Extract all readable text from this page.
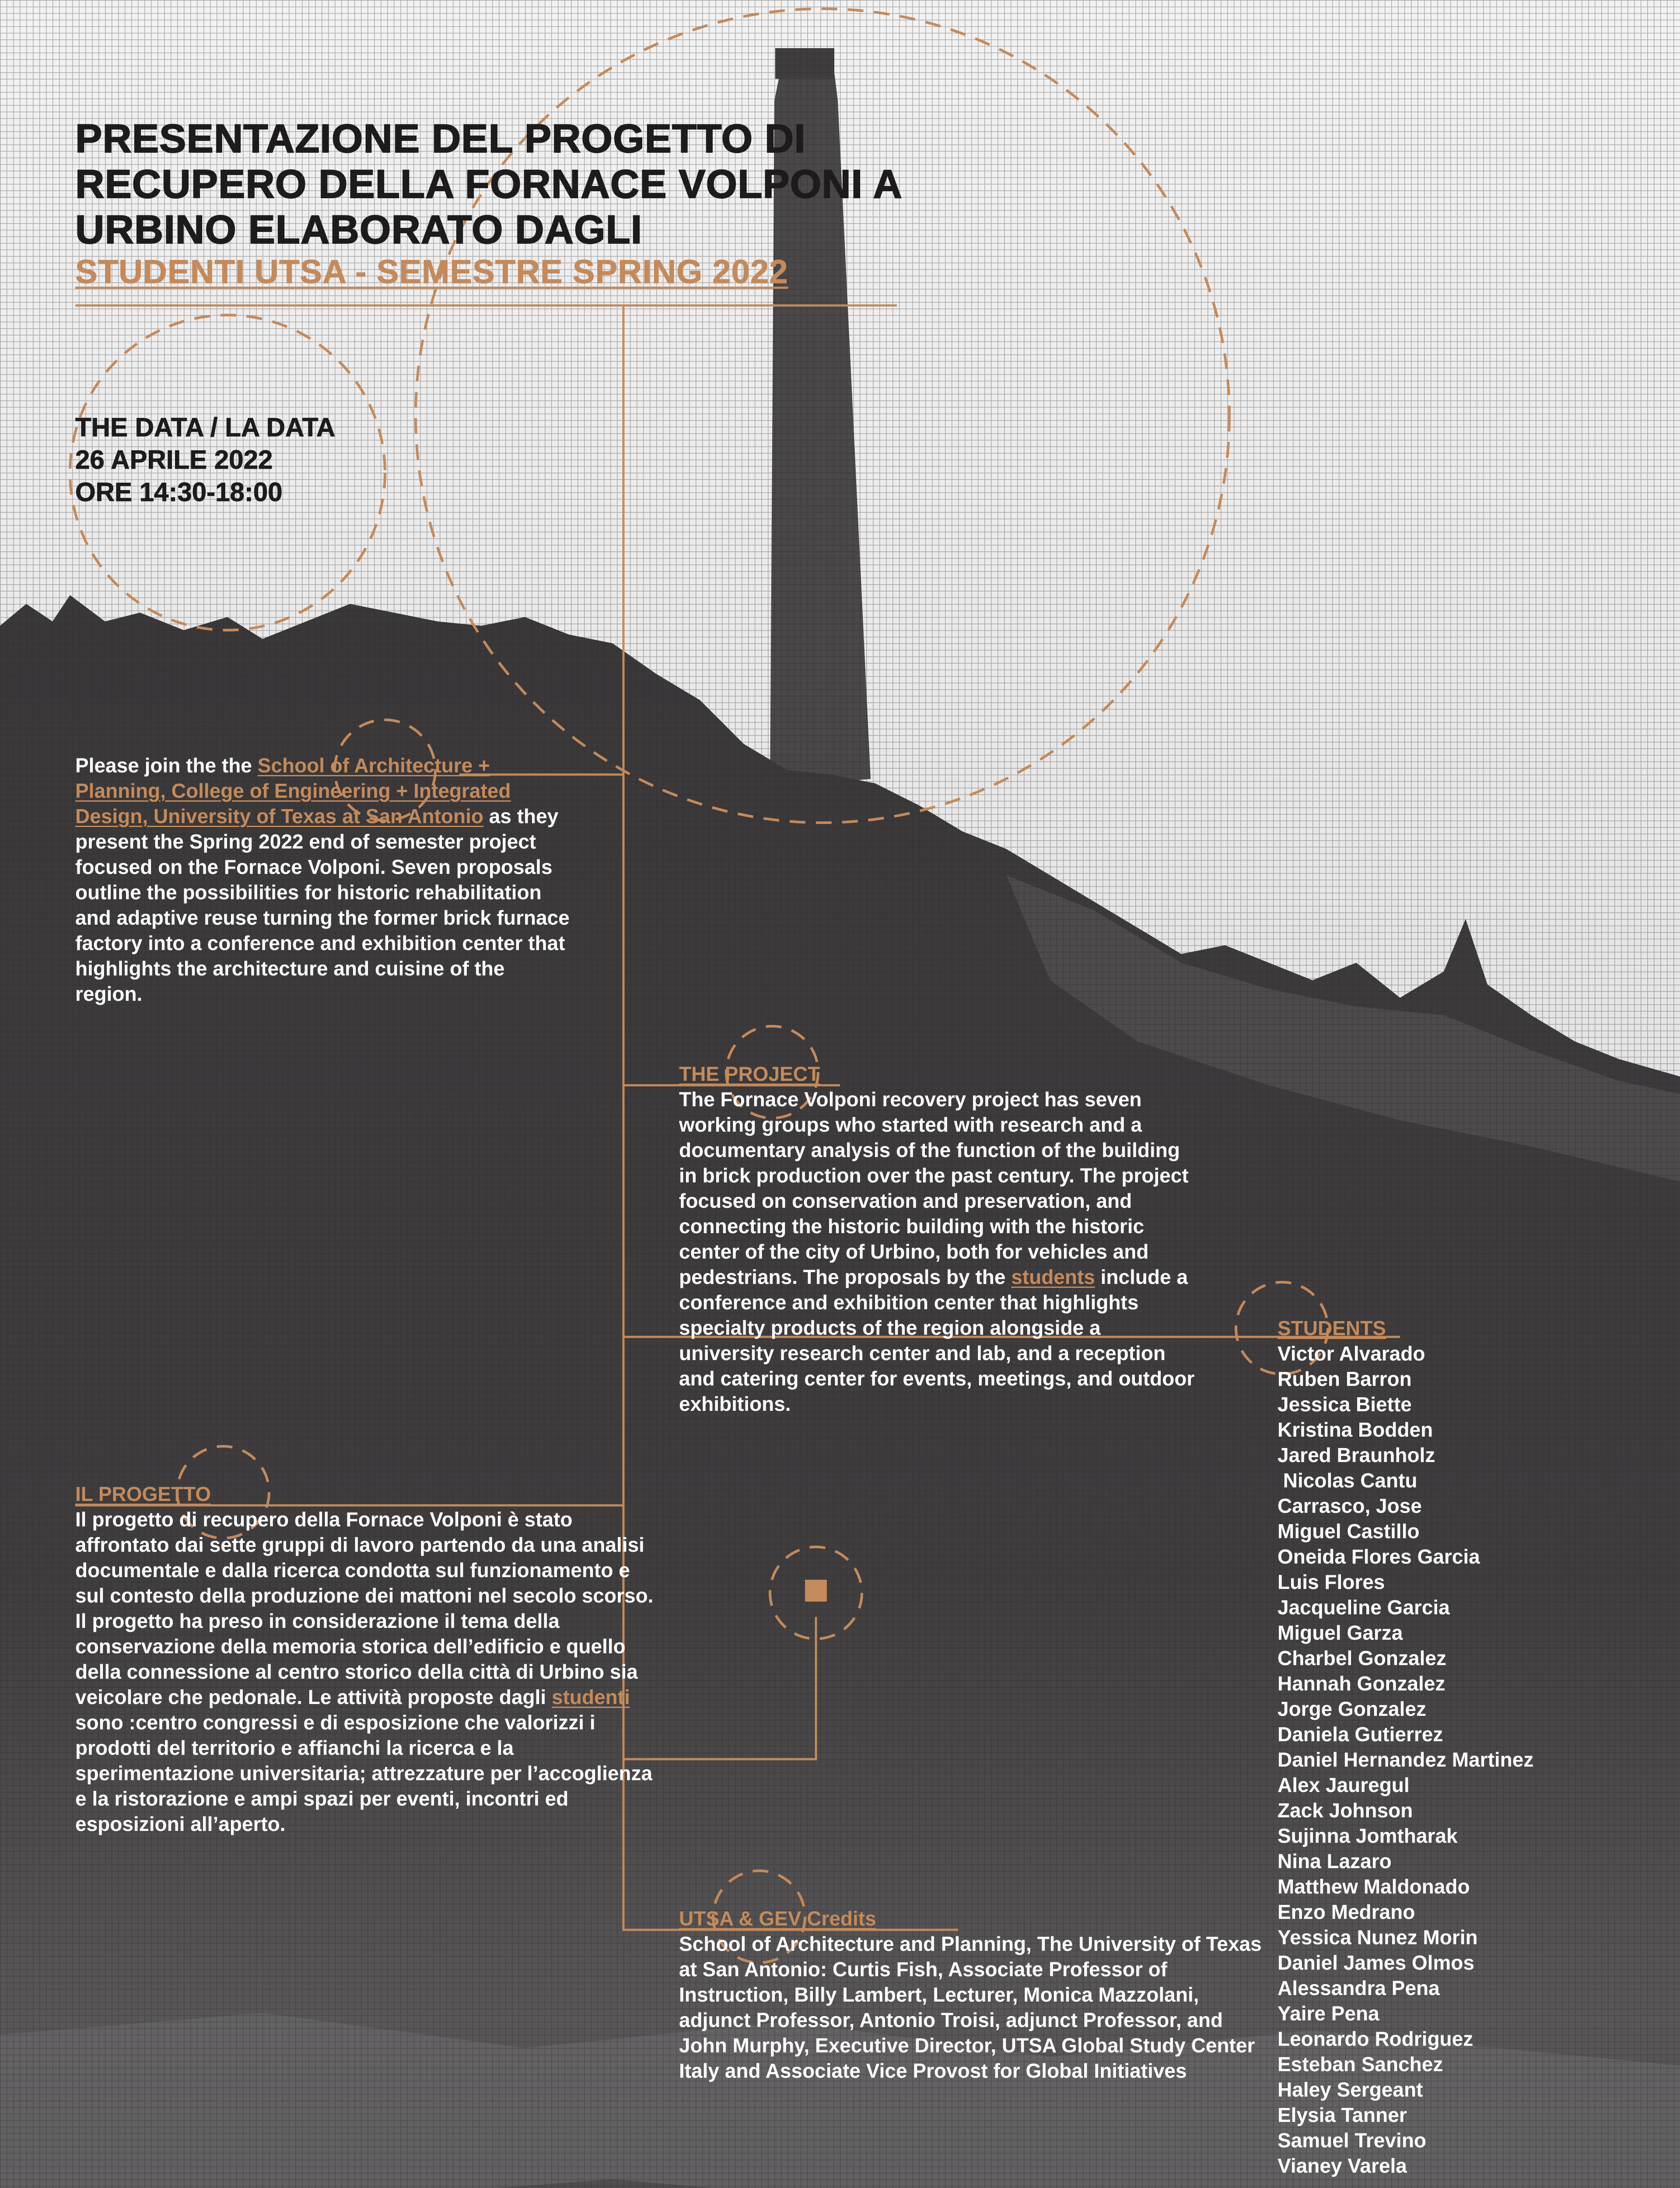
PRESENTAZIONE DEL PROGETTO DI
RECUPERO DELLA FORNACE VOLPONI A
URBINO ELABORATO DAGLI
STUDENTI UTSA - SEMESTRE SPRING 2022
THE DATA / LA DATA
26 APRILE 2022
ORE 14:30-18:00
Please join the the School of Architecture + Planning, College of Engineering + Integrated Design, University of Texas at San Antonio as they present the Spring 2022 end of semester project focused on the Fornace Volponi. Seven proposals outline the possibilities for historic rehabilitation and adaptive reuse turning the former brick furnace factory into a conference and exhibition center that highlights the architecture and cuisine of the region.
THE PROJECT
The Fornace Volponi recovery project has seven working groups who started with research and a documentary analysis of the function of the building in brick production over the past century. The project focused on conservation and preservation, and connecting the historic building with the historic center of the city of Urbino, both for vehicles and pedestrians. The proposals by the students include a conference and exhibition center that highlights specialty products of the region alongside a university research center and lab, and a reception and catering center for events, meetings, and outdoor exhibitions.
IL PROGETTO
Il progetto di recupero della Fornace Volponi è stato affrontato dai sette gruppi di lavoro partendo da una analisi documentale e dalla ricerca condotta sul funzionamento e sul contesto della produzione dei mattoni nel secolo scorso. Il progetto ha preso in considerazione il tema della conservazione della memoria storica dell’edificio e quello della connessione al centro storico della città di Urbino sia veicolare che pedonale. Le attività proposte dagli studenti sono :centro congressi e di esposizione che valorizzi i prodotti del territorio e affianchi la ricerca e la sperimentazione universitaria; attrezzature per l’accoglienza e la ristorazione e ampi spazi per eventi, incontri ed esposizioni all’aperto.
UTSA & GEV Credits
School of Architecture and Planning, The University of Texas at San Antonio: Curtis Fish, Associate Professor of Instruction, Billy Lambert, Lecturer, Monica Mazzolani, adjunct Professor, Antonio Troisi, adjunct Professor, and John Murphy, Executive Director, UTSA Global Study Center Italy and Associate Vice Provost for Global Initiatives
STUDENTS
Victor Alvarado
Ruben Barron
Jessica Biette
Kristina Bodden
Jared Braunholz
Nicolas Cantu
Carrasco, Jose
Miguel Castillo
Oneida Flores Garcia
Luis Flores
Jacqueline Garcia
Miguel Garza
Charbel Gonzalez
Hannah Gonzalez
Jorge Gonzalez
Daniela Gutierrez
Daniel Hernandez Martinez
Alex Jauregul
Zack Johnson
Sujinna Jomtharak
Nina Lazaro
Matthew Maldonado
Enzo Medrano
Yessica Nunez Morin
Daniel James Olmos
Alessandra Pena
Yaire Pena
Leonardo Rodriguez
Esteban Sanchez
Haley Sergeant
Elysia Tanner
Samuel Trevino
Vianey Varela
